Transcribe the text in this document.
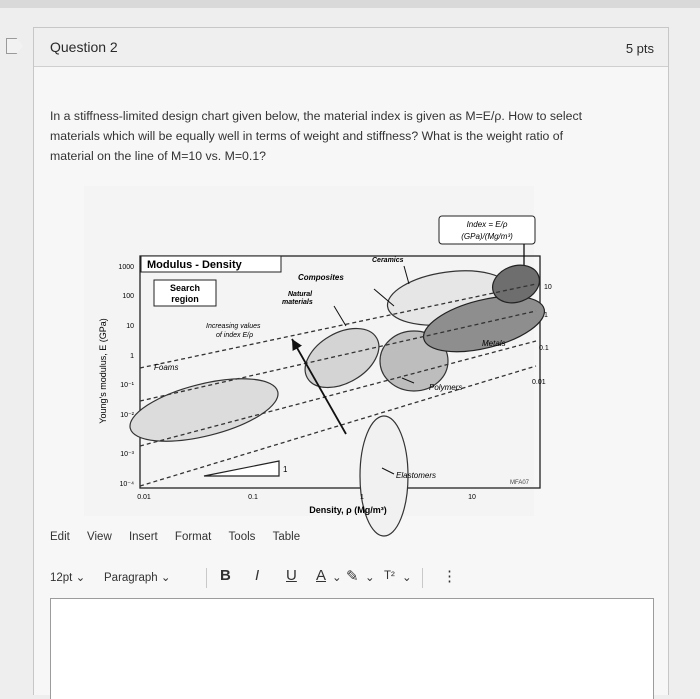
Question 2	5 pts
In a stiffness-limited design chart given below, the material index is given as M=E/ρ. How to select
materials which will be equally well in terms of weight and stiffness? What is the weight ratio of
material on the line of M=10 vs. M=0.1?
Index = E/ρ
(GPa)/(Mg/m³)
Modulus - Density
Search
region
1
Ceramics
Composites
Natural
materials
Increasing values
of index E/ρ
Metals
Foams
Polymers
Elastomers
10
1
0.1
0.01
1000
100
10
1
10⁻¹
10⁻²
10⁻³
10⁻⁴
0.01	0.1	1	10
Density, ρ (Mg/m³)
Young's modulus, E (GPa)
MFA07
Edit View Insert Format Tools Table
12pt ⌄ Paragraph ⌄	B I U A ⌄ ✎ ⌄ T² ⌄ ⋮
